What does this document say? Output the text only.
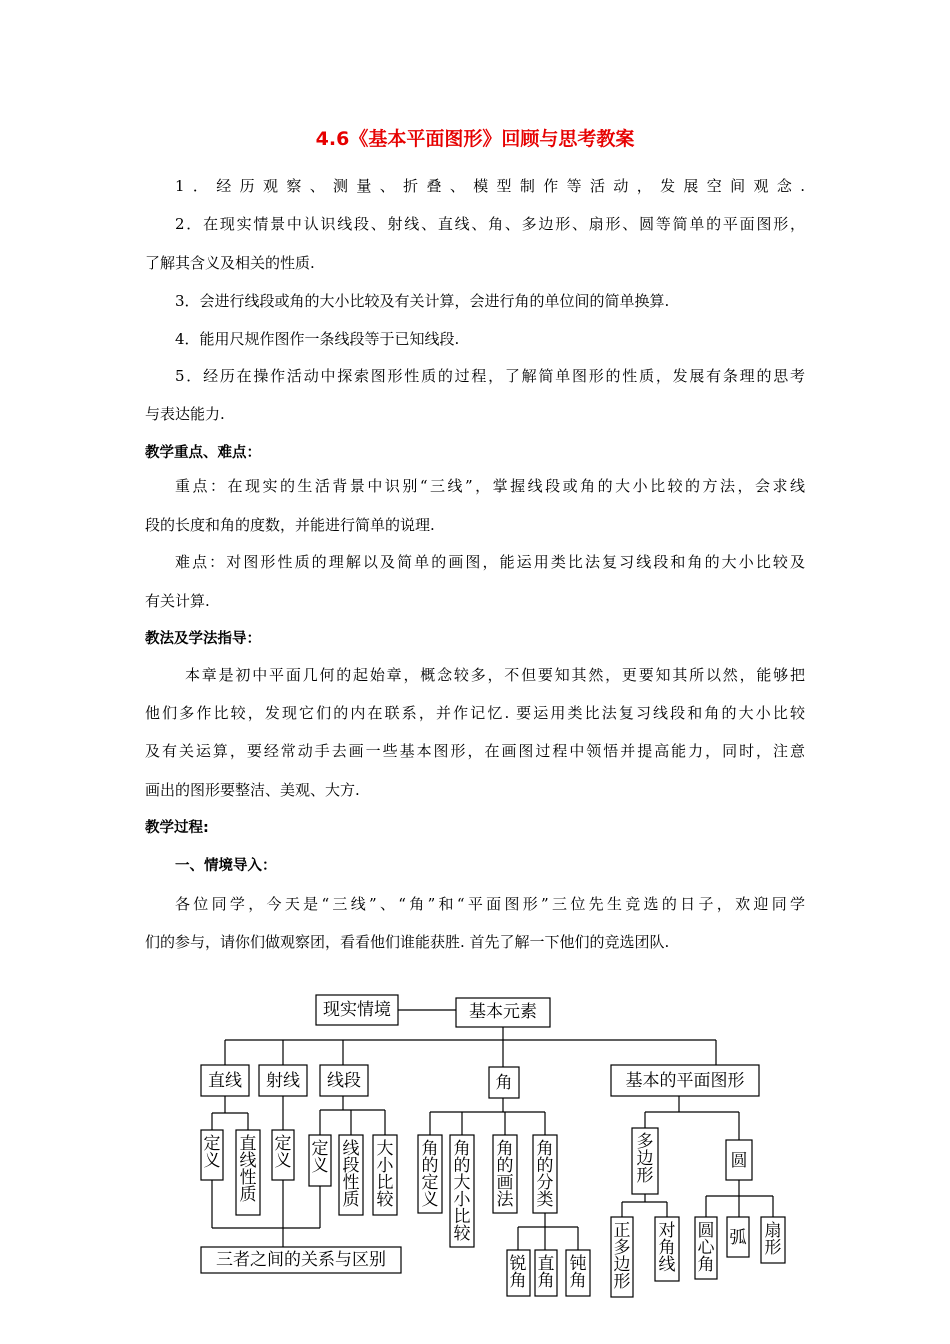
4.6《基本平面图形》回顾与思考教案
1．经历观察、测量、折叠、模型制作等活动，发展空间观念.
2．在现实情景中认识线段、射线、直线、角、多边形、扇形、圆等简单的平面图形，
了解其含义及相关的性质.
3．会进行线段或角的大小比较及有关计算，会进行角的单位间的简单换算.
4．能用尺规作图作一条线段等于已知线段.
5．经历在操作活动中探索图形性质的过程，了解简单图形的性质，发展有条理的思考
与表达能力.
教学重点、难点：
重点：在现实的生活背景中识别“三线”，掌握线段或角的大小比较的方法，会求线
段的长度和角的度数，并能进行简单的说理.
难点：对图形性质的理解以及简单的画图，能运用类比法复习线段和角的大小比较及
有关计算.
教法及学法指导：
本章是初中平面几何的起始章，概念较多，不但要知其然，更要知其所以然，能够把
他们多作比较，发现它们的内在联系，并作记忆. 要运用类比法复习线段和角的大小比较
及有关运算，要经常动手去画一些基本图形，在画图过程中领悟并提高能力，同时，注意
画出的图形要整洁、美观、大方.
教学过程:
一、情境导入：
各位同学，今天是“三线”、“角”和“平面图形”三位先生竞选的日子，欢迎同学
们的参与，请你们做观察团，看看他们谁能获胜. 首先了解一下他们的竞选团队.
现实情境	基本元素
直线 射线 线段	角	基本的平面图形
三者之间的关系与区别
定义
直线性质
定义
定义
线段性质
大小比较
角的定义
角的大小比较
角的画法
角的分类
多边形
圆
正多边形
对角线
圆心角
弧 扇形
锐角
直角
钝角
